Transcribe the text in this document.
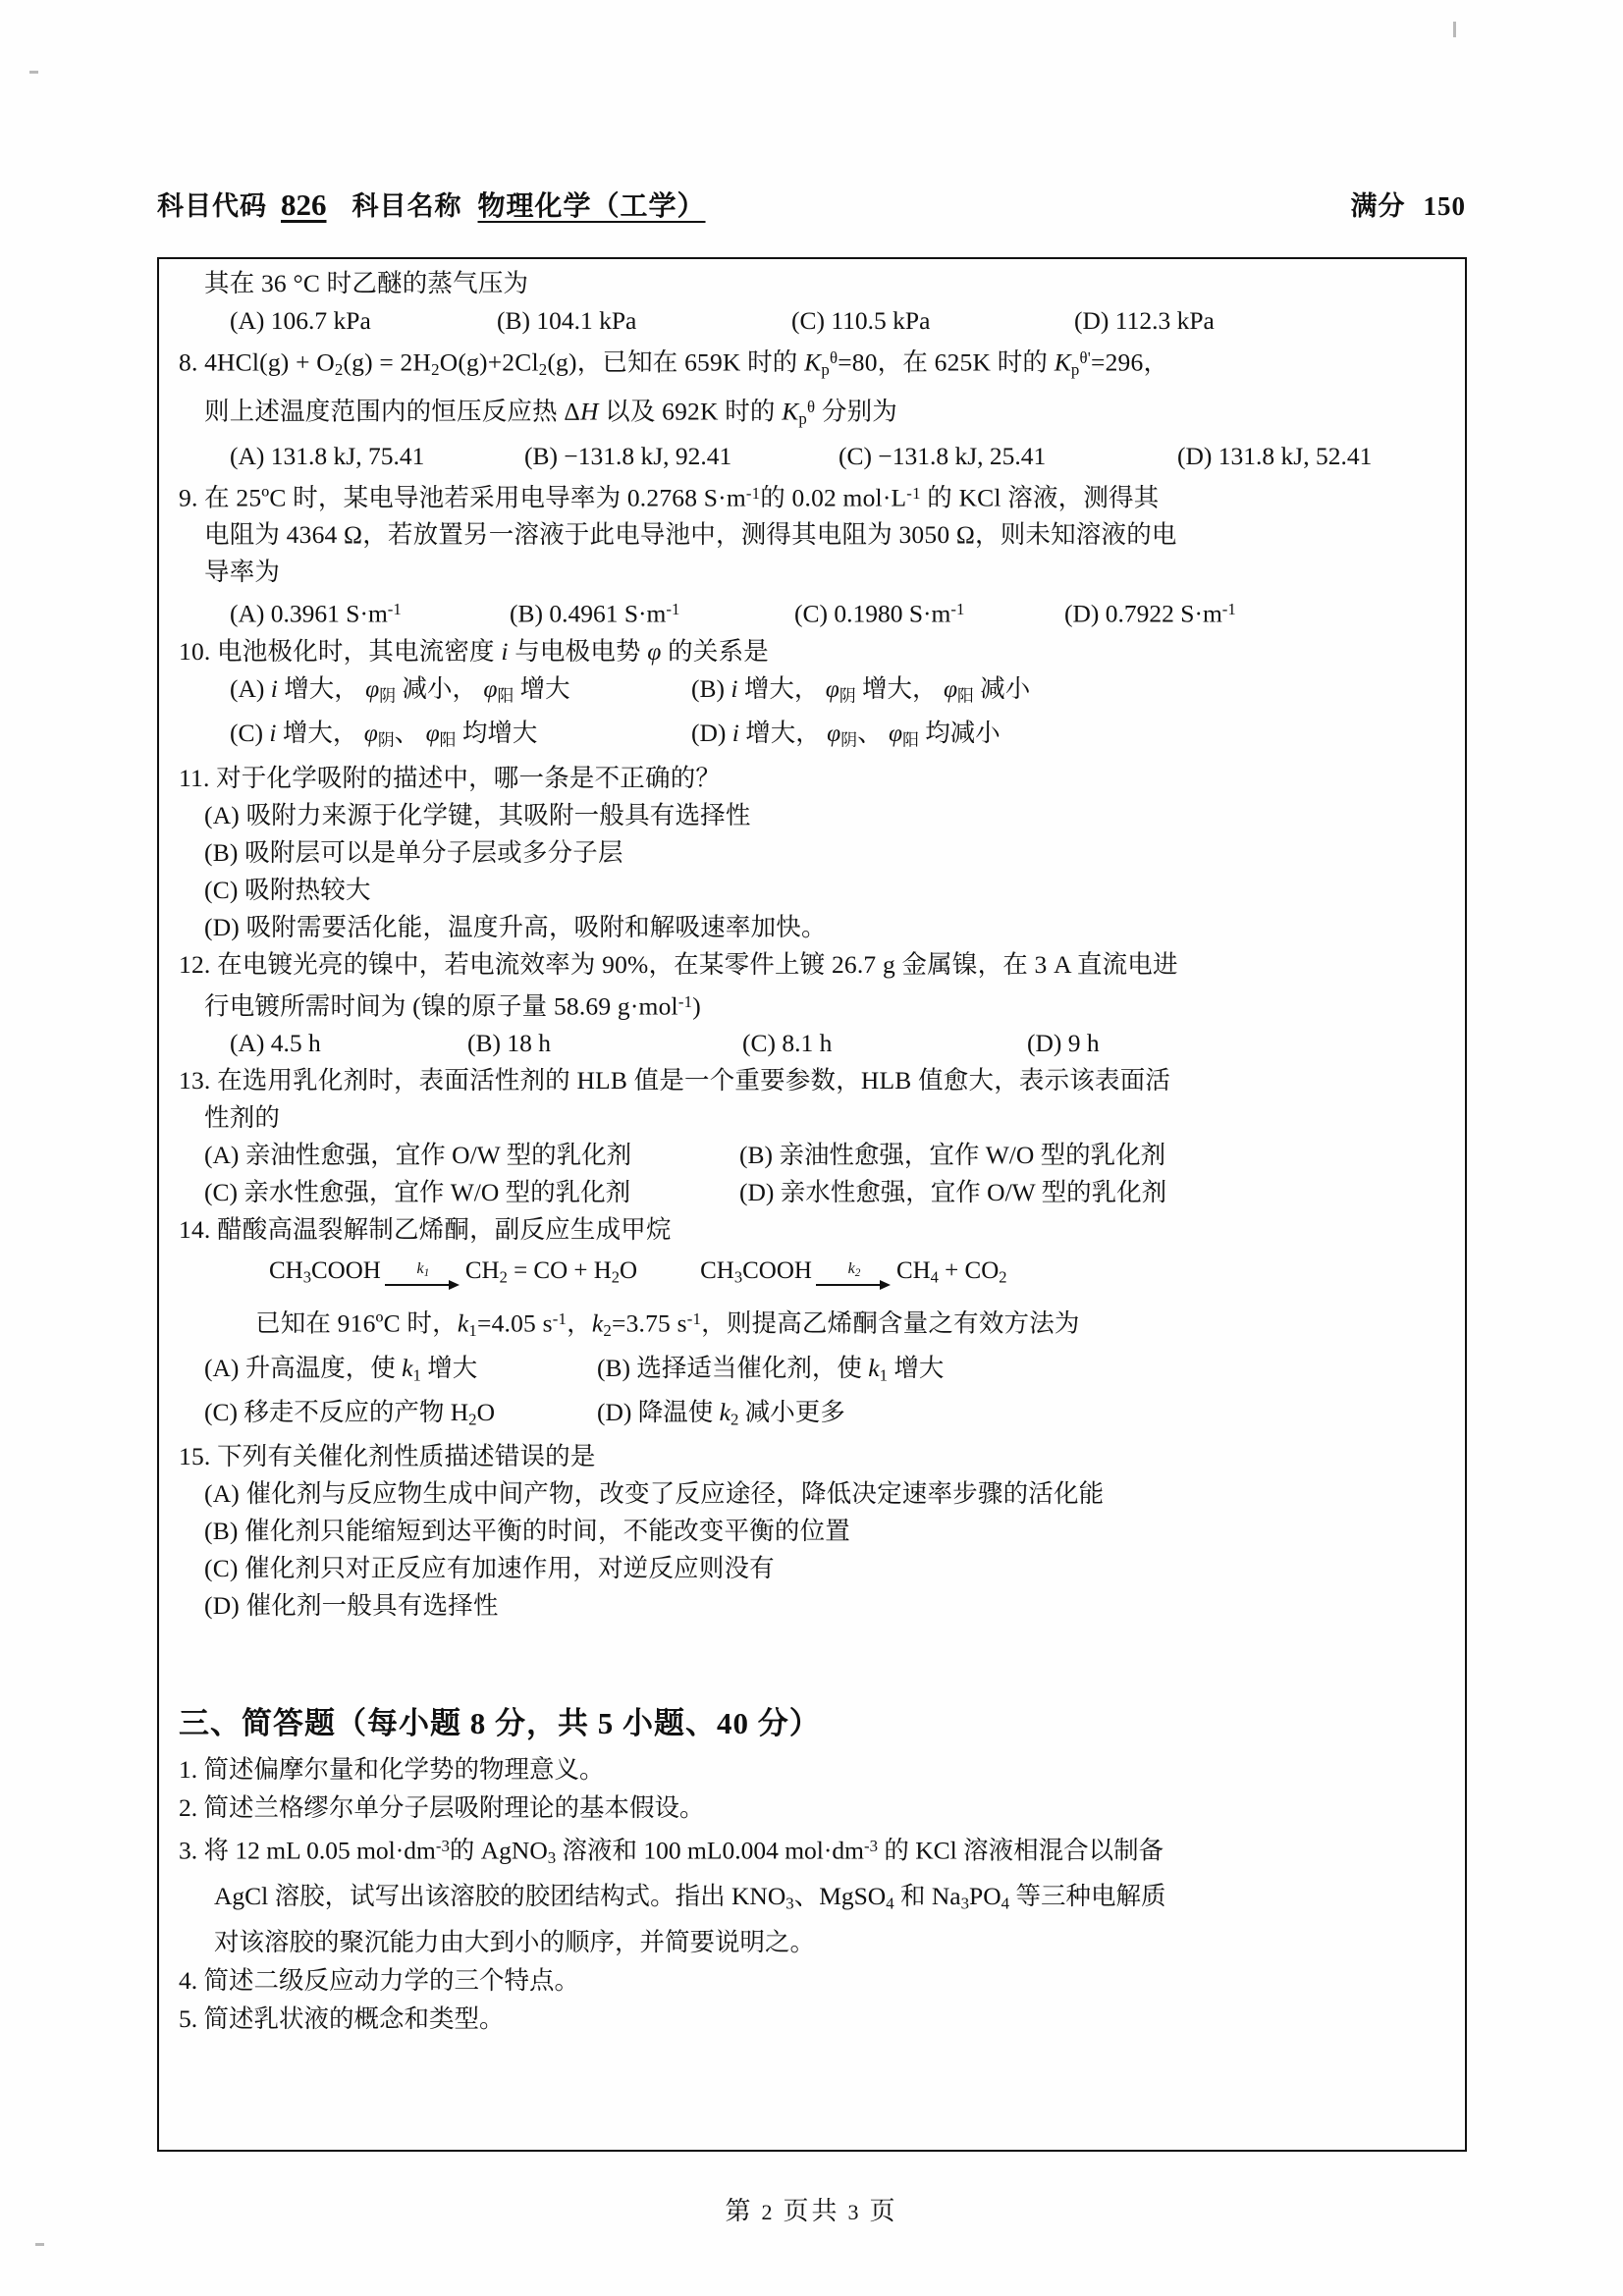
科目代码 826 科目名称 物理化学（工学）	满分 150
其在 36 °C 时乙醚的蒸气压为
(A) 106.7 kPa	(B) 104.1 kPa	(C) 110.5 kPa	(D) 112.3 kPa
8. $4HCl(g) + O_2(g) = 2H_2O(g)+2Cl_2(g)$，已知在 659K 时的 $K_p^\theta=80$，在 625K 时的 $K_p^{\theta'}=296$，
则上述温度范围内的恒压反应热 ΔH 以及 692K 时的 $K_p^\theta$ 分别为
(A) 131.8 kJ, 75.41	(B) −131.8 kJ, 92.41	(C) −131.8 kJ, 25.41	(D) 131.8 kJ, 52.41
9. 在 25ºC 时，某电导池若采用电导率为 0.2768 $S\cdot m^{-1}$的 0.02 $mol\cdot L^{-1}$ 的 KCl 溶液，测得其
电阻为 4364 Ω，若放置另一溶液于此电导池中，测得其电阻为 3050 Ω，则未知溶液的电
导率为
(A) 0.3961 $S\cdot m^{-1}$	(B) 0.4961 $S\cdot m^{-1}$	(C) 0.1980 $S\cdot m^{-1}$	(D) 0.7922 $S\cdot m^{-1}$
10. 电池极化时，其电流密度 i 与电极电势 φ 的关系是
(A) i 增大， $\varphi_阴$ 减小， $\varphi_阳$ 增大	(B) i 增大， $\varphi_阴$ 增大， $\varphi_阳$ 减小
(C) i 增大， $\varphi_阴$、 $\varphi_阳$ 均增大	(D) i 增大， $\varphi_阴$、 $\varphi_阳$ 均减小
11. 对于化学吸附的描述中，哪一条是不正确的？
(A) 吸附力来源于化学键，其吸附一般具有选择性
(B) 吸附层可以是单分子层或多分子层
(C) 吸附热较大
(D) 吸附需要活化能，温度升高，吸附和解吸速率加快。
12. 在电镀光亮的镍中，若电流效率为 90%，在某零件上镀 26.7 g 金属镍，在 3 A 直流电进
行电镀所需时间为 (镍的原子量 58.69 g·mol$^{-1}$)
(A) 4.5 h	(B) 18 h	(C) 8.1 h	(D) 9 h
13. 在选用乳化剂时，表面活性剂的 HLB 值是一个重要参数，HLB 值愈大，表示该表面活
性剂的
(A) 亲油性愈强，宜作 O/W 型的乳化剂	(B) 亲油性愈强，宜作 W/O 型的乳化剂
(C) 亲水性愈强，宜作 W/O 型的乳化剂	(D) 亲水性愈强，宜作 O/W 型的乳化剂
14. 醋酸高温裂解制乙烯酮，副反应生成甲烷
$CH_3COOH$ $k_1$ $CH_2$ = CO + $H_2O$	$CH_3COOH$ $k_2$ $CH_4 + CO_2$
已知在 916ºC 时，$k_1=4.05$ $s^{-1}$，$k_2=3.75$ $s^{-1}$，则提高乙烯酮含量之有效方法为
(A) 升高温度，使 $k_1$ 增大	(B) 选择适当催化剂，使 $k_1$ 增大
(C) 移走不反应的产物 $H_2O$	(D) 降温使 $k_2$ 减小更多
15. 下列有关催化剂性质描述错误的是
(A) 催化剂与反应物生成中间产物，改变了反应途径，降低决定速率步骤的活化能
(B) 催化剂只能缩短到达平衡的时间，不能改变平衡的位置
(C) 催化剂只对正反应有加速作用，对逆反应则没有
(D) 催化剂一般具有选择性
三、简答题（每小题 8 分，共 5 小题、40 分）
1. 简述偏摩尔量和化学势的物理意义。
2. 简述兰格缪尔单分子层吸附理论的基本假设。
3. 将 12 mL 0.05 $mol\cdot dm^{-3}$的 AgNO$_3$ 溶液和 100 mL0.004 $mol\cdot dm^{-3}$ 的 KCl 溶液相混合以制备
AgCl 溶胶，试写出该溶胶的胶团结构式。指出 $KNO_3$、MgSO$_4$ 和 $Na_3PO_4$ 等三种电解质
对该溶胶的聚沉能力由大到小的顺序，并简要说明之。
4. 简述二级反应动力学的三个特点。
5. 简述乳状液的概念和类型。
第 2 页共 3 页
